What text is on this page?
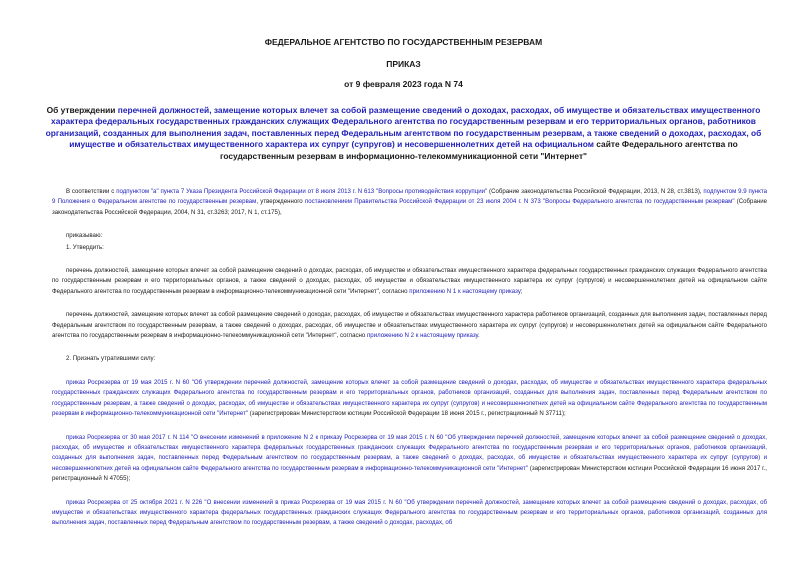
ФЕДЕРАЛЬНОЕ АГЕНТСТВО ПО ГОСУДАРСТВЕННЫМ РЕЗЕРВАМ
ПРИКАЗ
от 9 февраля 2023 года N 74
Об утверждении перечней должностей, замещение которых влечет за собой размещение сведений о доходах, расходах, об имуществе и обязательствах имущественного характера федеральных государственных гражданских служащих Федерального агентства по государственным резервам и его территориальных органов, работников организаций, созданных для выполнения задач, поставленных перед Федеральным агентством по государственным резервам, а также сведений о доходах, расходах, об имуществе и обязательствах имущественного характера их супруг (супругов) и несовершеннолетних детей на официальном сайте Федерального агентства по государственным резервам в информационно-телекоммуникационной сети "Интернет"

В соответствии с подпунктом "а" пункта 7 Указа Президента Российской Федерации от 8 июля 2013 г. N 613 "Вопросы противодействия коррупции" (Собрание законодательства Российской Федерации, 2013, N 28, ст.3813), подпунктом 9.9 пункта 9 Положения о Федеральном агентстве по государственным резервам, утвержденного постановлением Правительства Российской Федерации от 23 июля 2004 г. N 373 "Вопросы Федерального агентства по государственным резервам" (Собрание законодательства Российской Федерации, 2004, N 31, ст.3263; 2017, N 1, ст.175),

приказываю:

1. Утвердить:

перечень должностей, замещение которых влечет за собой размещение сведений о доходах, расходах, об имуществе и обязательствах имущественного характера федеральных государственных гражданских служащих Федерального агентства по государственным резервам и его территориальных органов, а также сведений о доходах, расходах, об имуществе и обязательствах имущественного характера их супруг (супругов) и несовершеннолетних детей на официальном сайте Федерального агентства по государственным резервам в информационно-телекоммуникационной сети "Интернет", согласно приложению N 1 к настоящему приказу;

перечень должностей, замещение которых влечет за собой размещение сведений о доходах, расходах, об имуществе и обязательствах имущественного характера работников организаций, созданных для выполнения задач, поставленных перед Федеральным агентством по государственным резервам, а также сведений о доходах, расходах, об имуществе и обязательствах имущественного характера их супруг (супругов) и несовершеннолетних детей на официальном сайте Федерального агентства по государственным резервам в информационно-телекоммуникационной сети "Интернет", согласно приложению N 2 к настоящему приказу.

2. Признать утратившими силу:

приказ Росрезерва от 19 мая 2015 г. N 60 "Об утверждении перечней должностей, замещение которых влечет за собой размещение сведений о доходах, расходах, об имуществе и обязательствах имущественного характера федеральных государственных гражданских служащих Федерального агентства по государственным резервам и его территориальных органов, работников организаций, созданных для выполнения задач, поставленных перед Федеральным агентством по государственным резервам, а также сведений о доходах, расходах, об имуществе и обязательствах имущественного характера их супруг (супругов) и несовершеннолетних детей на официальном сайте Федерального агентства по государственным резервам в информационно-телекоммуникационной сети "Интернет" (зарегистрирован Министерством юстиции Российской Федерации 18 июня 2015 г., регистрационный N 37711);

приказ Росрезерва от 30 мая 2017 г. N 114 "О внесении изменений в приложение N 2 к приказу Росрезерва от 19 мая 2015 г. N 60 "Об утверждении перечней должностей, замещение которых влечет за собой размещение сведений о доходах, расходах, об имуществе и обязательствах имущественного характера федеральных государственных гражданских служащих Федерального агентства по государственным резервам и его территориальных органов, работников организаций, созданных для выполнения задач, поставленных перед Федеральным агентством по государственным резервам, а также сведений о доходах, расходах, об имуществе и обязательствах имущественного характера их супруг (супругов) и несовершеннолетних детей на официальном сайте Федерального агентства по государственным резервам в информационно-телекоммуникационной сети "Интернет" (зарегистрирован Министерством юстиции Российской Федерации 16 июня 2017 г., регистрационный N 47055);

приказ Росрезерва от 25 октября 2021 г. N 226 "О внесении изменений в приказ Росрезерва от 19 мая 2015 г. N 60 "Об утверждении перечней должностей, замещение которых влечет за собой размещение сведений о доходах, расходах, об имуществе и обязательствах имущественного характера федеральных государственных гражданских служащих Федерального агентства по государственным резервам и его территориальных органов, работников организаций, созданных для выполнения задач, поставленных перед Федеральным агентством по государственным резервам, а также сведений о доходах, расходах, об
